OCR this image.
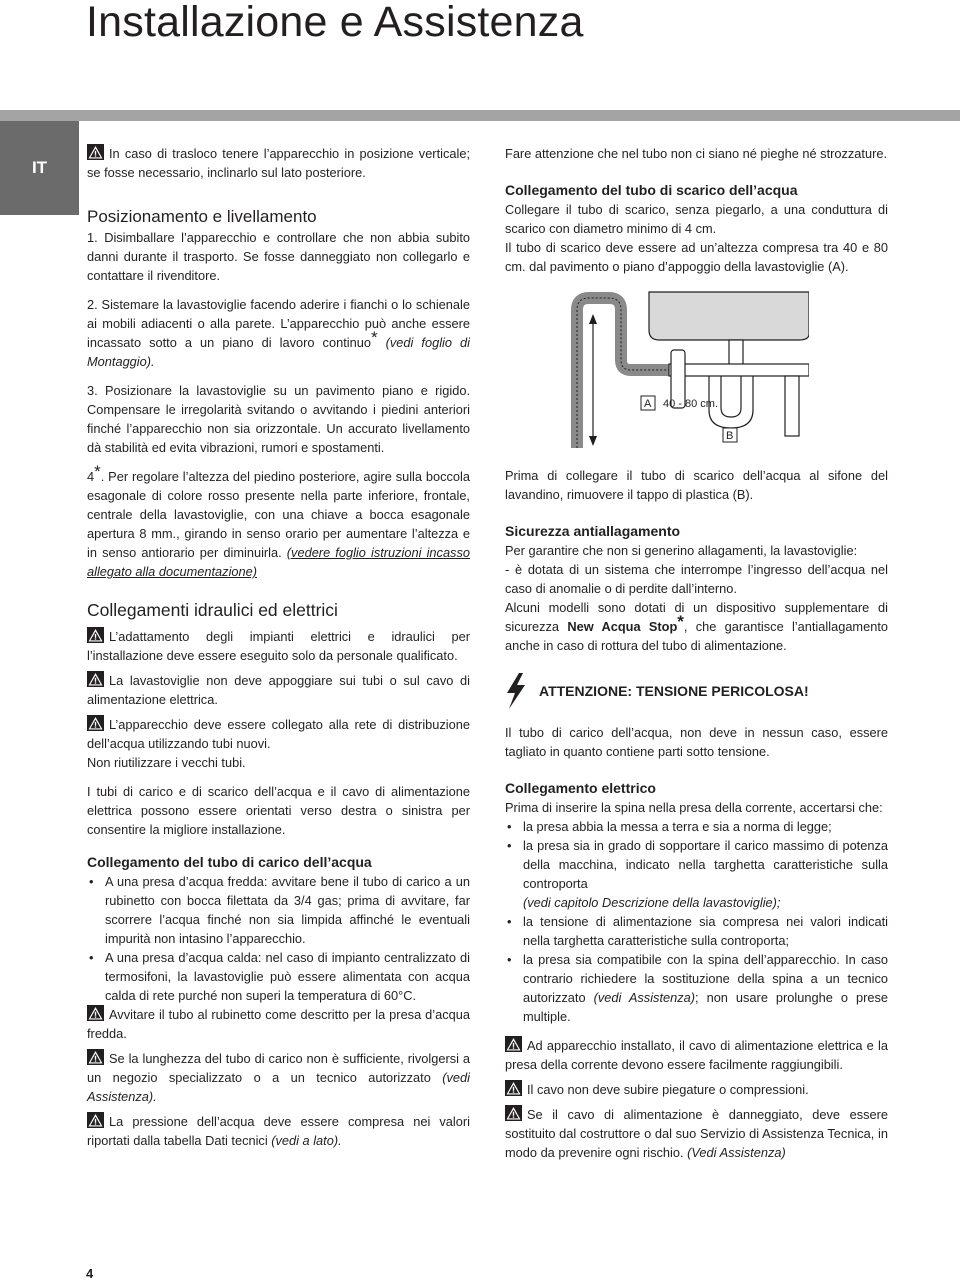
Installazione e Assistenza
IT

In caso di trasloco tenere l’apparecchio in posizione verticale; se fosse necessario, inclinarlo sul lato posteriore.

Posizionamento e livellamento

1. Disimballare l’apparecchio e controllare che non abbia subito danni durante il trasporto. Se fosse danneggiato non collegarlo e contattare il rivenditore.

2. Sistemare la lavastoviglie facendo aderire i fianchi o lo schienale ai mobili adiacenti o alla parete. L’apparecchio può anche essere incassato sotto a un piano di lavoro continuo* (vedi foglio di Montaggio).

3. Posizionare la lavastoviglie su un pavimento piano e rigido. Compensare le irregolarità svitando o avvitando i piedini anteriori finché l’apparecchio non sia orizzontale. Un accurato livellamento dà stabilità ed evita vibrazioni, rumori e spostamenti.

4*. Per regolare l’altezza del piedino posteriore, agire sulla boccola esagonale di colore rosso presente nella parte inferiore, frontale, centrale della lavastoviglie, con una chiave a bocca esagonale apertura 8 mm., girando in senso orario per aumentare l’altezza e in senso antiorario per diminuirla. (vedere foglio istruzioni incasso allegato alla documentazione)

Collegamenti idraulici ed elettrici

L’adattamento degli impianti elettrici e idraulici per l’installazione deve essere eseguito solo da personale qualificato.

La lavastoviglie non deve appoggiare sui tubi o sul cavo di alimentazione elettrica.

L’apparecchio deve essere collegato alla rete di distribuzione dell’acqua utilizzando tubi nuovi.

Non riutilizzare i vecchi tubi.

I tubi di carico e di scarico dell’acqua e il cavo di alimentazione elettrica possono essere orientati verso destra o sinistra per consentire la migliore installazione.

Collegamento del tubo di carico dell’acqua
• A una presa d’acqua fredda: avvitare bene il tubo di carico a un rubinetto con bocca filettata da 3/4 gas; prima di avvitare, far scorrere l’acqua finché non sia limpida affinché le eventuali impurità non intasino l’apparecchio.
• A una presa d’acqua calda: nel caso di impianto centralizzato di termosifoni, la lavastoviglie può essere alimentata con acqua calda di rete purché non superi la temperatura di 60°C.

Avvitare il tubo al rubinetto come descritto per la presa d’acqua fredda.

Se la lunghezza del tubo di carico non è sufficiente, rivolgersi a un negozio specializzato o a un tecnico autorizzato (vedi Assistenza).

La pressione dell’acqua deve essere compresa nei valori riportati dalla tabella Dati tecnici (vedi a lato).

Fare attenzione che nel tubo non ci siano né pieghe né strozzature.

Collegamento del tubo di scarico dell’acqua

Collegare il tubo di scarico, senza piegarlo, a una conduttura di scarico con diametro minimo di 4 cm.

Il tubo di scarico deve essere ad un’altezza compresa tra 40 e 80 cm. dal pavimento o piano d’appoggio della lavastoviglie (A).

A 40 - 80 cm.
B

Prima di collegare il tubo di scarico dell’acqua al sifone del lavandino, rimuovere il tappo di plastica (B).

Sicurezza antiallagamento

Per garantire che non si generino allagamenti, la lavastoviglie:

- è dotata di un sistema che interrompe l’ingresso dell’acqua nel caso di anomalie o di perdite dall’interno.

Alcuni modelli sono dotati di un dispositivo supplementare di sicurezza New Acqua Stop*, che garantisce l’antiallagamento anche in caso di rottura del tubo di alimentazione.

ATTENZIONE: TENSIONE PERICOLOSA!

Il tubo di carico dell’acqua, non deve in nessun caso, essere tagliato in quanto contiene parti sotto tensione.

Collegamento elettrico

Prima di inserire la spina nella presa della corrente, accertarsi che:

• la presa abbia la messa a terra e sia a norma di legge;
• la presa sia in grado di sopportare il carico massimo di potenza della macchina, indicato nella targhetta caratteristiche sulla controporta
(vedi capitolo Descrizione della lavastoviglie);
• la tensione di alimentazione sia compresa nei valori indicati nella targhetta caratteristiche sulla controporta;
• la presa sia compatibile con la spina dell’apparecchio. In caso contrario richiedere la sostituzione della spina a un tecnico autorizzato (vedi Assistenza); non usare prolunghe o prese multiple.

Ad apparecchio installato, il cavo di alimentazione elettrica e la presa della corrente devono essere facilmente raggiungibili.

Il cavo non deve subire piegature o compressioni.

Se il cavo di alimentazione è danneggiato, deve essere sostituito dal costruttore o dal suo Servizio di Assistenza Tecnica, in modo da prevenire ogni rischio. (Vedi Assistenza)

4
